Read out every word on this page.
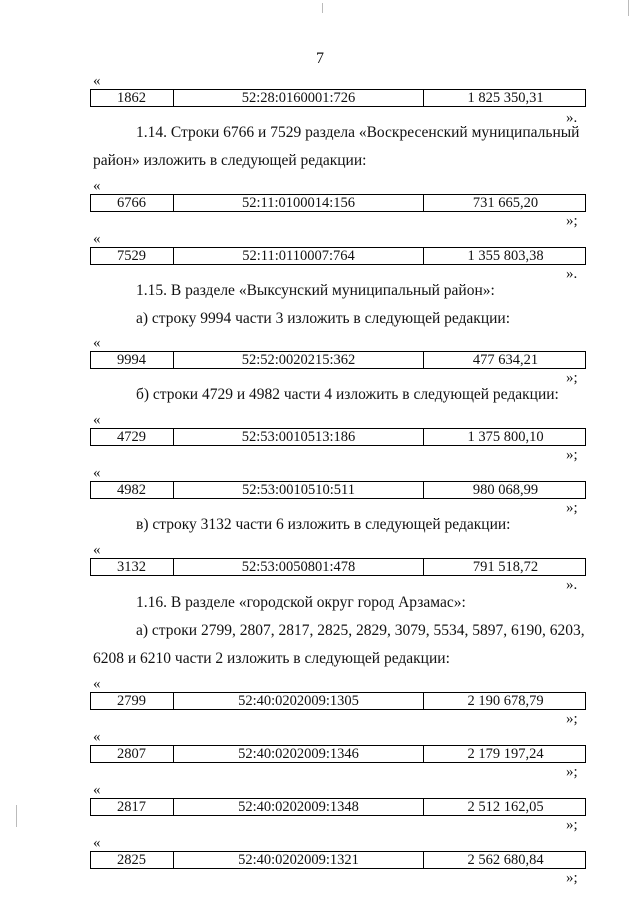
7
«
1862	52:28:0160001:726	1 825 350,31
».
1.14. Строки 6766 и 7529 раздела «Воскресенский муниципальный
район» изложить в следующей редакции:
«
6766	52:11:0100014:156	731 665,20
»;
«
7529	52:11:0110007:764	1 355 803,38
».
1.15. В разделе «Выксунский муниципальный район»:
а) строку 9994 части 3 изложить в следующей редакции:
«
9994	52:52:0020215:362	477 634,21
»;
б) строки 4729 и 4982 части 4 изложить в следующей редакции:
«
4729	52:53:0010513:186	1 375 800,10
»;
«
4982	52:53:0010510:511	980 068,99
»;
в) строку 3132 части 6 изложить в следующей редакции:
«
3132	52:53:0050801:478	791 518,72
».
1.16. В разделе «городской округ город Арзамас»:
а) строки 2799, 2807, 2817, 2825, 2829, 3079, 5534, 5897, 6190, 6203,
6208 и 6210 части 2 изложить в следующей редакции:
«
2799	52:40:0202009:1305	2 190 678,79
»;
«
2807	52:40:0202009:1346	2 179 197,24
»;
«
2817	52:40:0202009:1348	2 512 162,05
»;
«
2825	52:40:0202009:1321	2 562 680,84
»;
